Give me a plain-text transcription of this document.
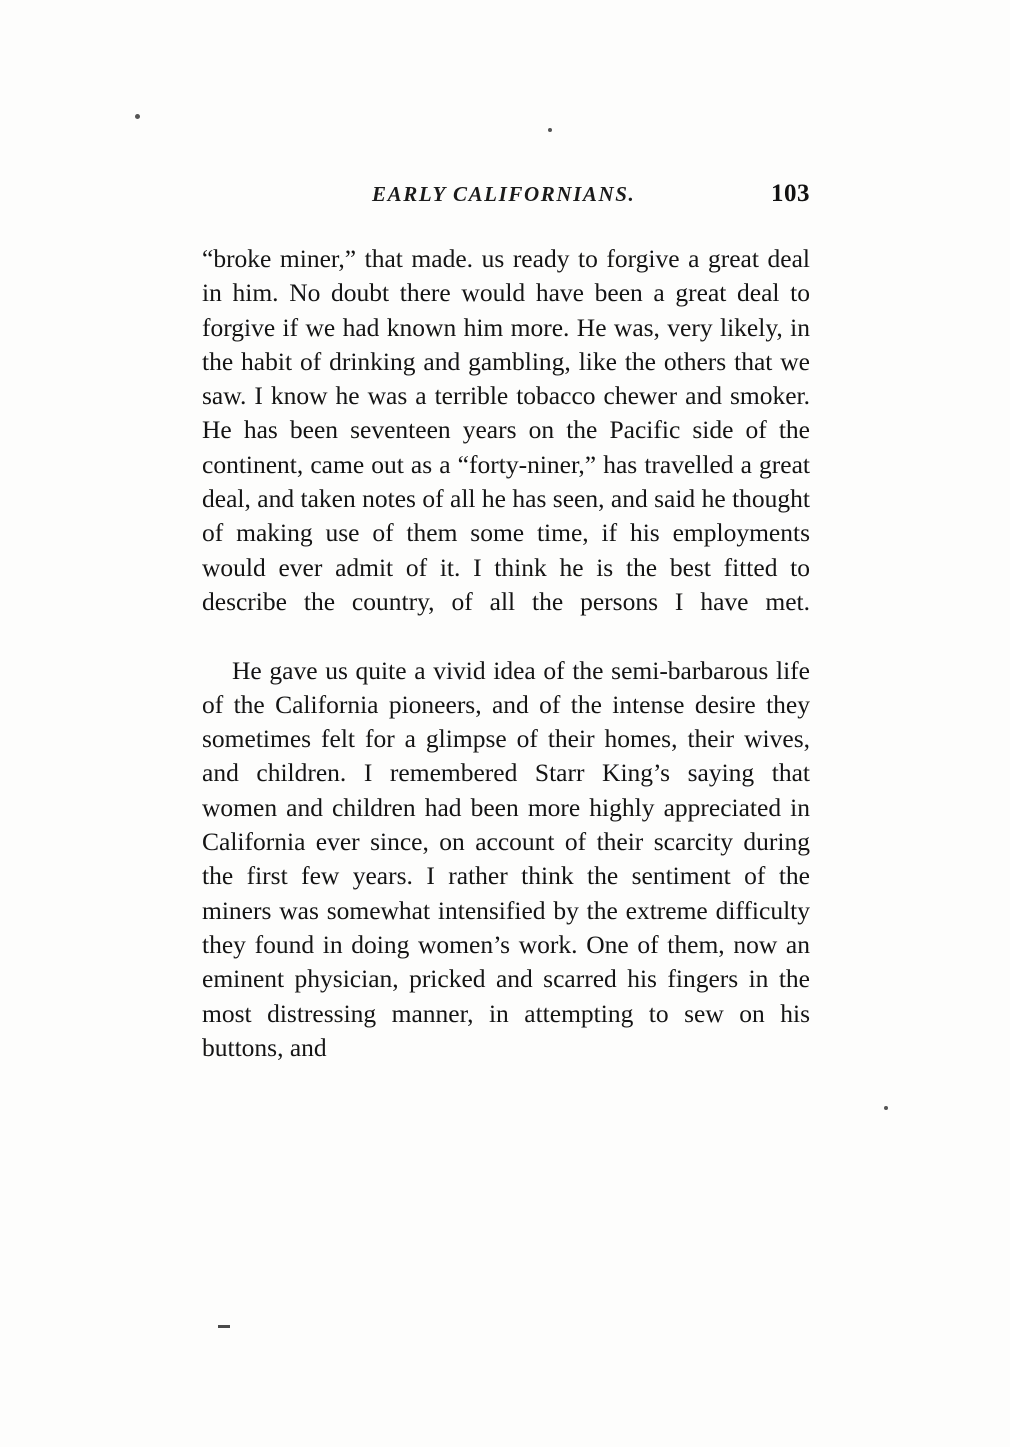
EARLY CALIFORNIANS.	103

“broke miner,” that made. us ready to forgive a great deal in him. No doubt there would have been a great deal to forgive if we had known him more. He was, very likely, in the habit of drinking and gambling, like the others that we saw. I know he was a terrible tobacco chewer and smoker. He has been seventeen years on the Pacific side of the continent, came out as a “forty-niner,” has travelled a great deal, and taken notes of all he has seen, and said he thought of making use of them some time, if his employments would ever admit of it. I think he is the best fitted to describe the country, of all the persons I have met.

He gave us quite a vivid idea of the semi-barbarous life of the California pioneers, and of the intense desire they sometimes felt for a glimpse of their homes, their wives, and children. I remembered Starr King’s saying that women and children had been more highly appreciated in California ever since, on account of their scarcity during the first few years. I rather think the sentiment of the miners was somewhat intensified by the extreme difficulty they found in doing women’s work. One of them, now an eminent physician, pricked and scarred his fingers in the most distressing manner, in attempting to sew on his buttons, and
